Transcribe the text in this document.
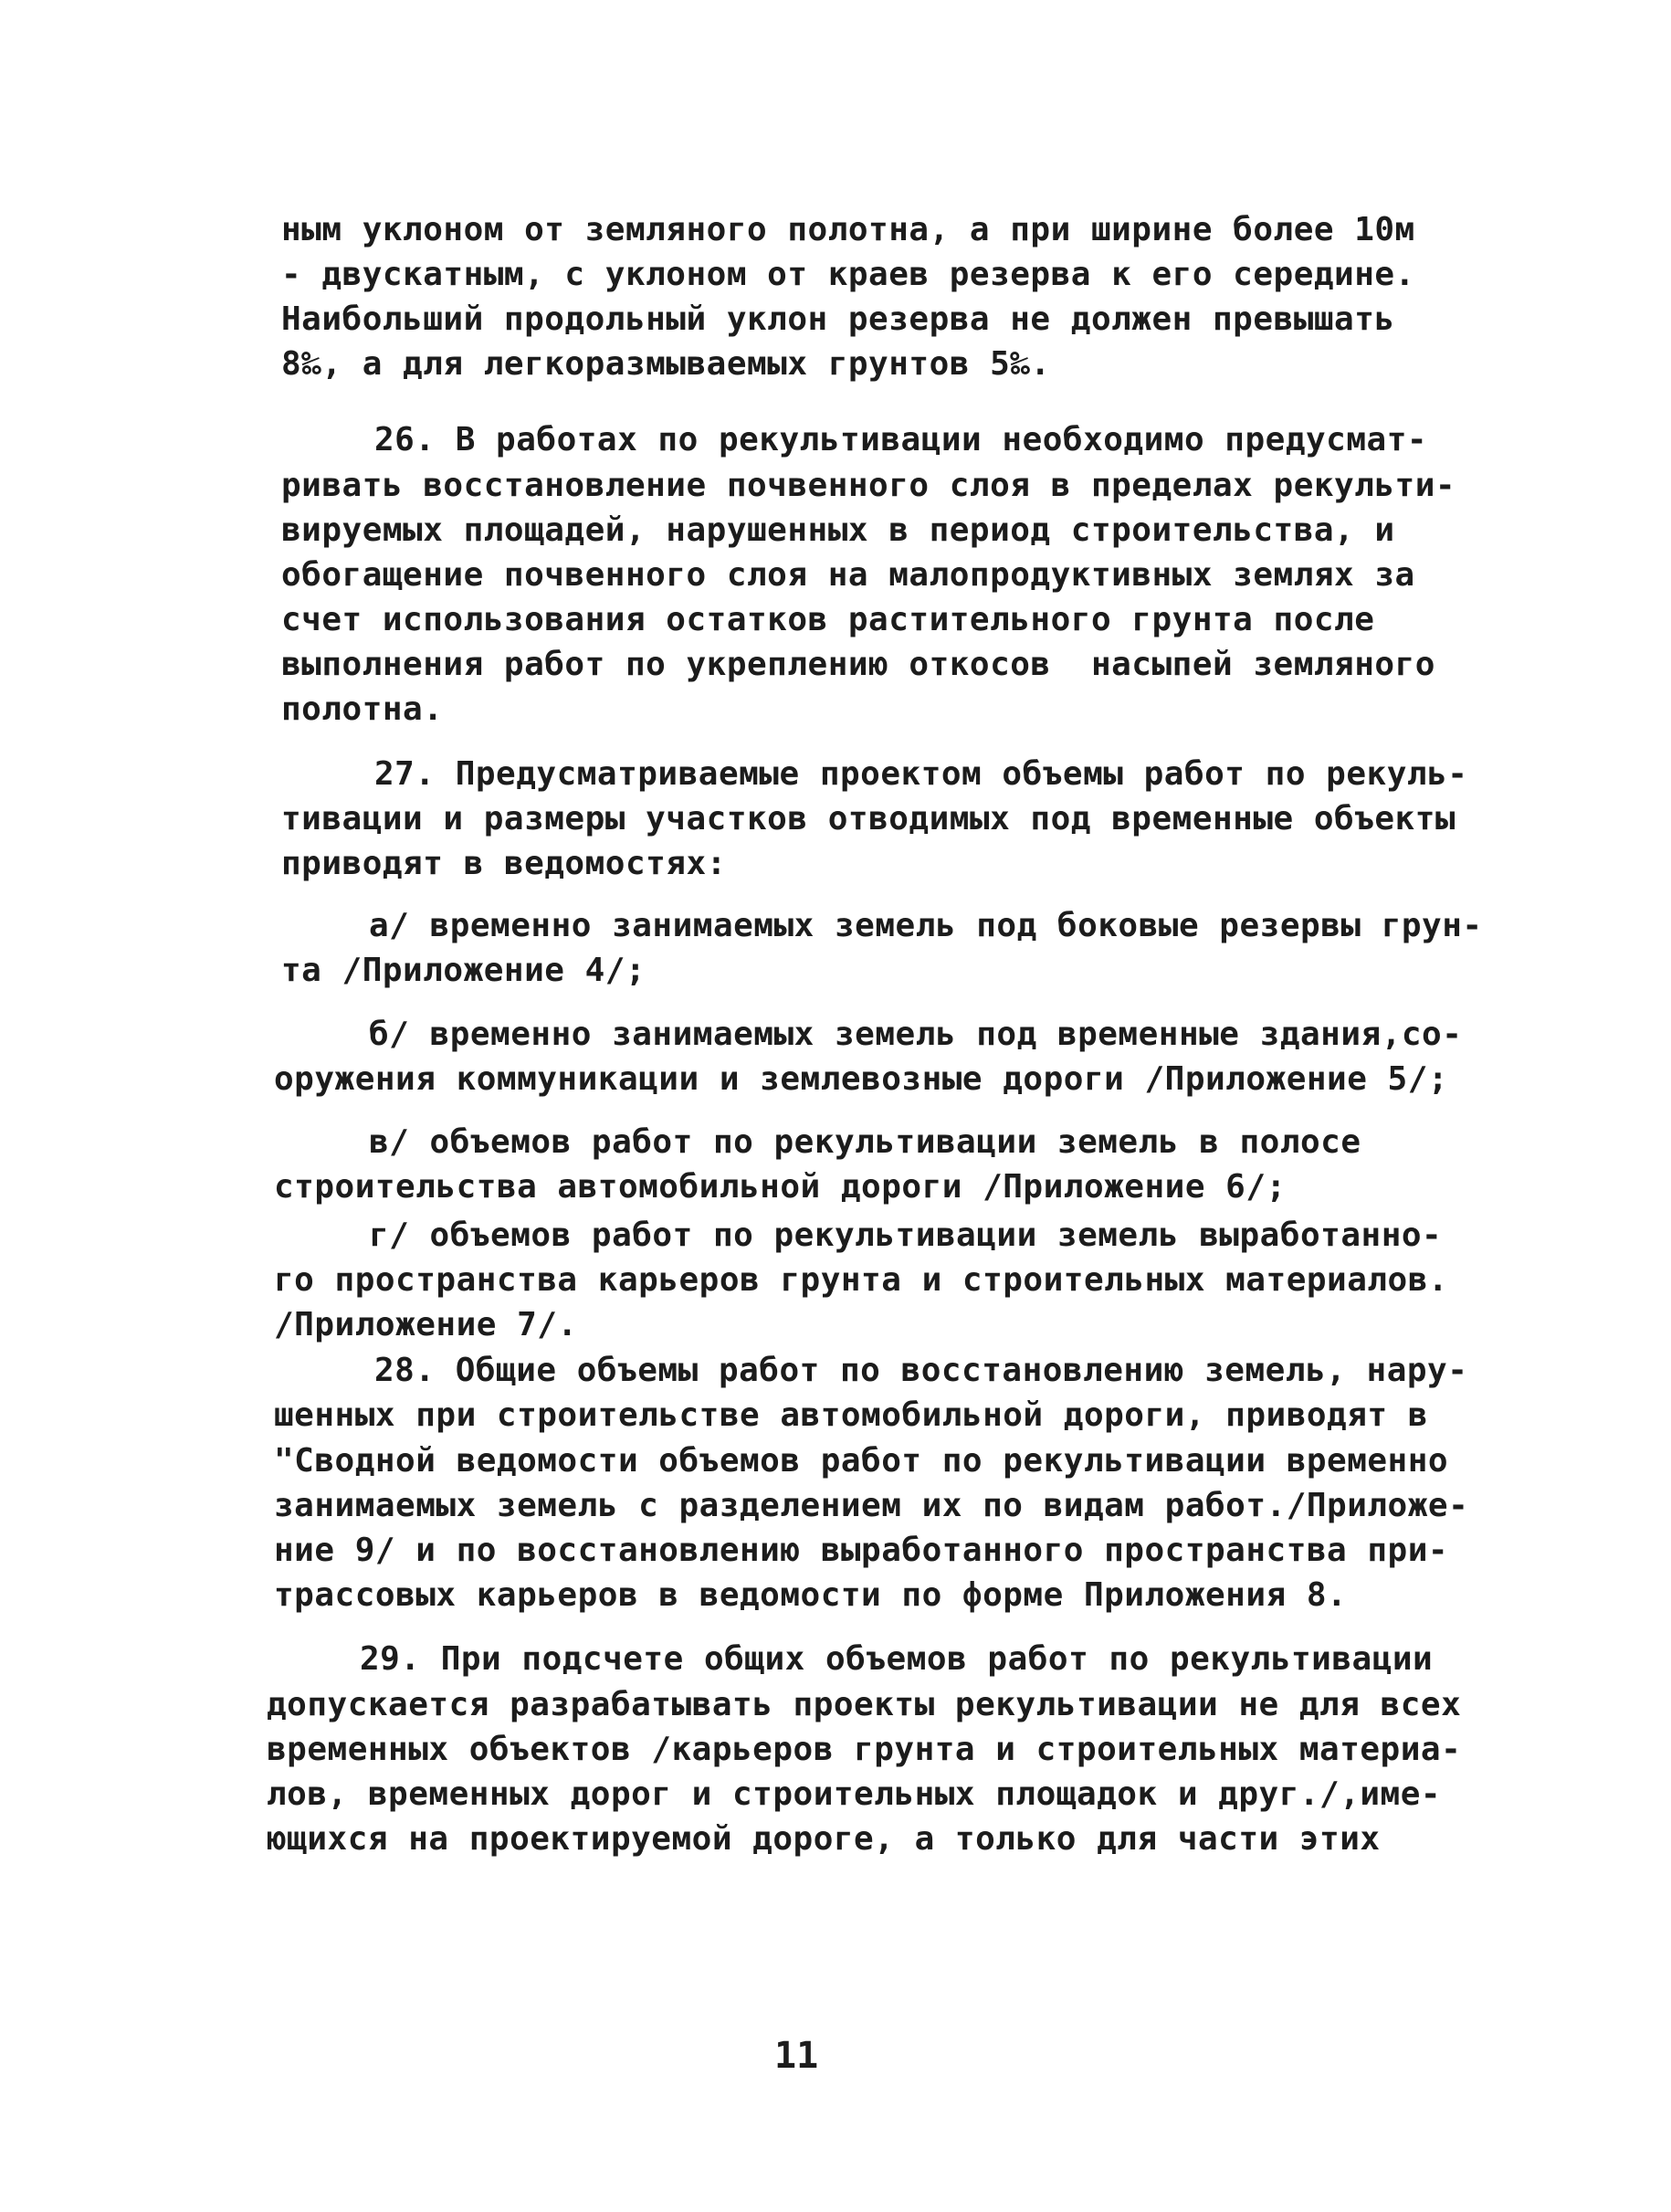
ным уклоном от земляного полотна, а при ширине более 10м
- двускатным, с уклоном от краев резерва к его середине.
Наибольший продольный уклон резерва не должен превышать
8‰, а для легкоразмываемых грунтов 5‰.
26. В работах по рекультивации необходимо предусмат-
ривать восстановление почвенного слоя в пределах рекульти-
вируемых площадей, нарушенных в период строительства, и
обогащение почвенного слоя на малопродуктивных землях за
счет использования остатков растительного грунта после
выполнения работ по укреплению откосов  насыпей земляного
полотна.
27. Предусматриваемые проектом объемы работ по рекуль-
тивации и размеры участков отводимых под временные объекты
приводят в ведомостях:
а/ временно занимаемых земель под боковые резервы грун-
та /Приложение 4/;
б/ временно занимаемых земель под временные здания,со-
оружения коммуникации и землевозные дороги /Приложение 5/;
в/ объемов работ по рекультивации земель в полосе
строительства автомобильной дороги /Приложение 6/;
г/ объемов работ по рекультивации земель выработанно-
го пространства карьеров грунта и строительных материалов.
/Приложение 7/.
28. Общие объемы работ по восстановлению земель, нару-
шенных при строительстве автомобильной дороги, приводят в
"Сводной ведомости объемов работ по рекультивации временно
занимаемых земель с разделением их по видам работ./Приложе-
ние 9/ и по восстановлению выработанного пространства при-
трассовых карьеров в ведомости по форме Приложения 8.
29. При подсчете общих объемов работ по рекультивации
допускается разрабатывать проекты рекультивации не для всех
временных объектов /карьеров грунта и строительных материа-
лов, временных дорог и строительных площадок и друг./,име-
ющихся на проектируемой дороге, а только для части этих
11
